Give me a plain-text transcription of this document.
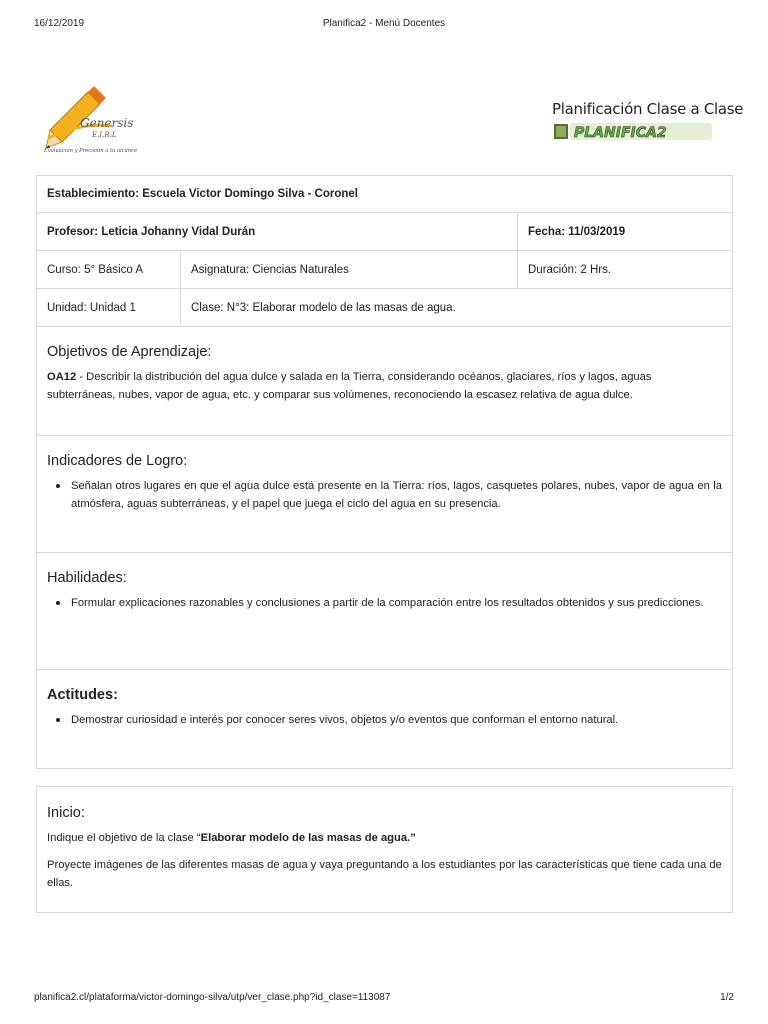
16/12/2019	Planifica2 - Menú Docentes
Genersis
E.I.R.L
Evaluación y Precisión a tu alcance
Planificación Clase a Clase
PLANIFICA2
Establecimiento: Escuela Victor Domingo Silva - Coronel
Profesor: Leticia Johanny Vidal Durán	Fecha: 11/03/2019
Curso: 5° Básico A	Asignatura: Ciencias Naturales	Duración: 2 Hrs.
Unidad: Unidad 1	Clase: N°3: Elaborar modelo de las masas de agua.
Objetivos de Aprendizaje:

OA12 - Describir la distribución del agua dulce y salada en la Tierra, considerando océanos, glaciares, ríos y lagos, aguas subterráneas, nubes, vapor de agua, etc. y comparar sus volúmenes, reconociendo la escasez relativa de agua dulce.

Indicadores de Logro:
Señalan otros lugares en que el agua dulce está presente en la Tierra: ríos, lagos, casquetes polares, nubes, vapor de agua en la atmósfera, aguas subterráneas, y el papel que juega el ciclo del agua en su presencia.
Habilidades:
Formular explicaciones razonables y conclusiones a partir de la comparación entre los resultados obtenidos y sus predicciones.
Actitudes:
Demostrar curiosidad e interés por conocer seres vivos, objetos y/o eventos que conforman el entorno natural.
Inicio:

Indique el objetivo de la clase “Elaborar modelo de las masas de agua.”

Proyecte imágenes de las diferentes masas de agua y vaya preguntando a los estudiantes por las características que tiene cada una de ellas.

planifica2.cl/plataforma/victor-domingo-silva/utp/ver_clase.php?id_clase=113087	1/2
